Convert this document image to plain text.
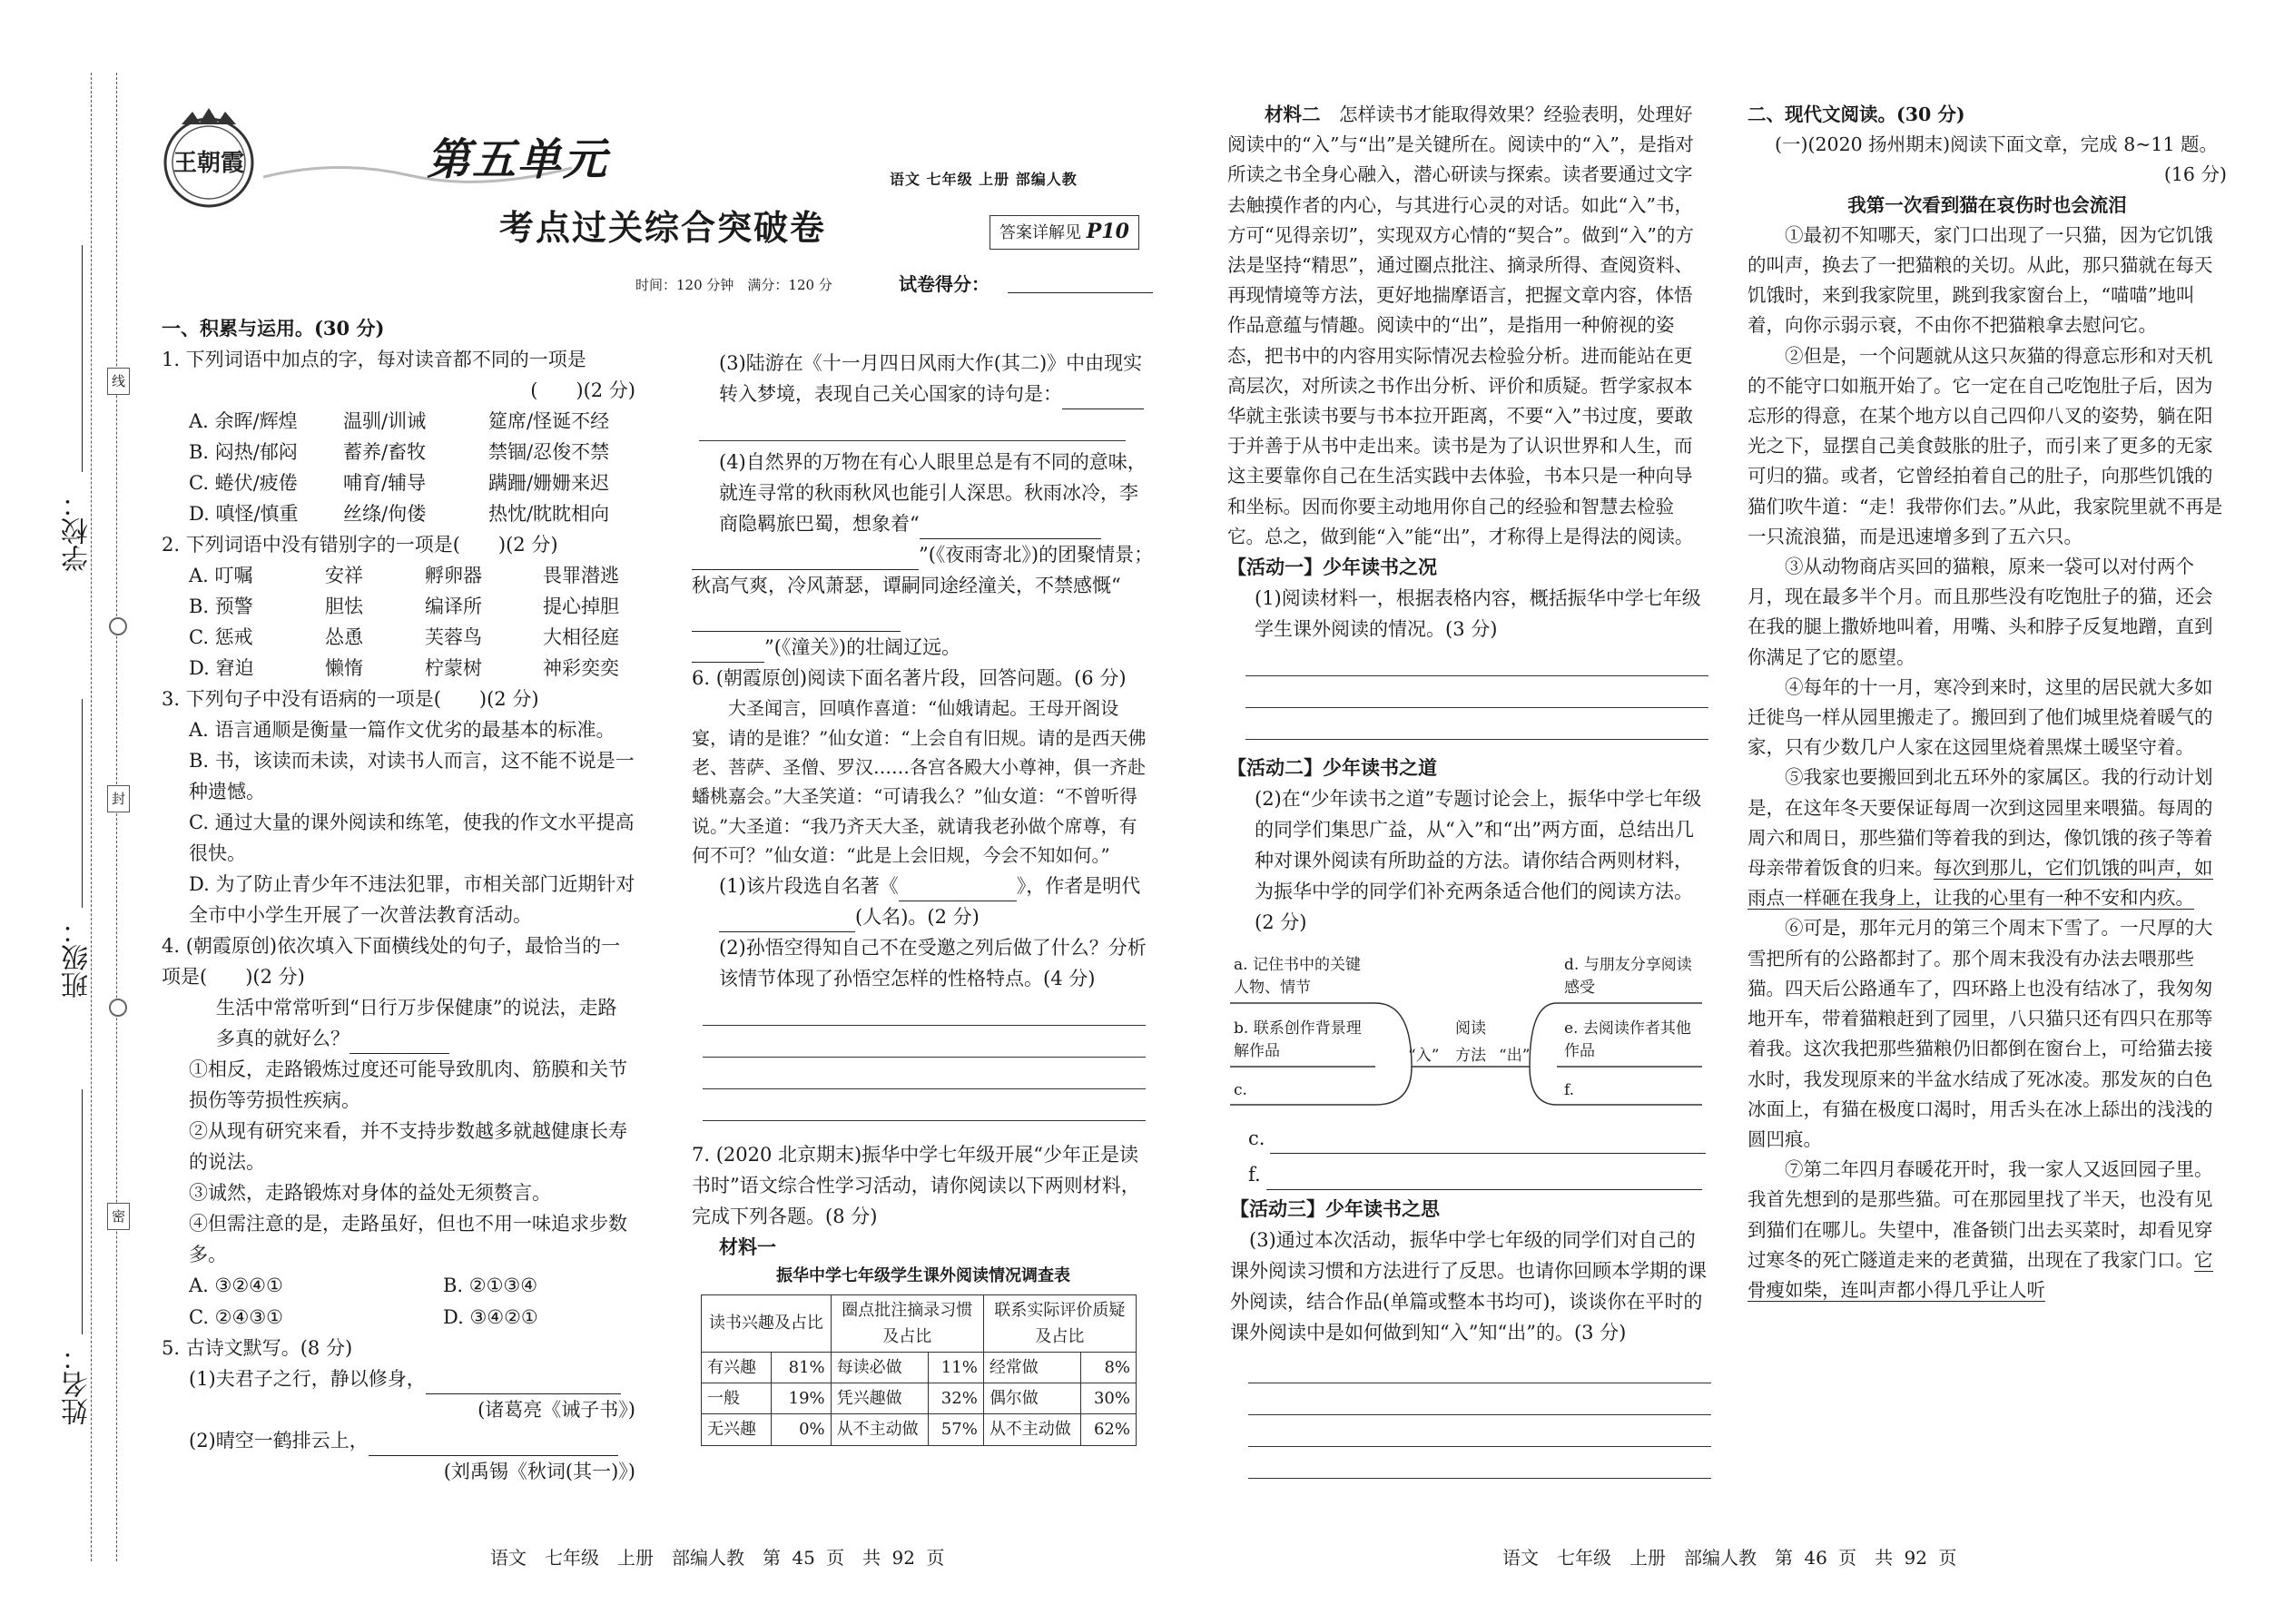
学校：
班级：
姓名：
线
封
密
王朝霞	第五单元
考点过关综合突破卷
语文 七年级 上册 部编人教
答案详解见 P10
时间：120 分钟　满分：120 分	试卷得分：

一、积累与运用。(30 分)

1. 下列词语中加点的字，每对读音都不同的一项是

(　　)(2 分)

A. 余晖/辉煌	温驯/训诫	筵席/怪诞不经
B. 闷热/郁闷	蓄养/畜牧	禁锢/忍俊不禁
C. 蜷伏/疲倦	哺育/辅导	蹒跚/姗姗来迟
D. 嗔怪/慎重	丝绦/佝偻	热忱/眈眈相向

2. 下列词语中没有错别字的一项是(　　)(2 分)

A. 叮嘱	安祥	孵卵器	畏罪潜逃
B. 预警	胆怯	编译所	提心掉胆
C. 惩戒	怂恿	芙蓉鸟	大相径庭
D. 窘迫	懒惰	柠蒙树	神彩奕奕

3. 下列句子中没有语病的一项是(　　)(2 分)

A. 语言通顺是衡量一篇作文优劣的最基本的标准。

B. 书，该读而未读，对读书人而言，这不能不说是一种遗憾。

C. 通过大量的课外阅读和练笔，使我的作文水平提高很快。

D. 为了防止青少年不违法犯罪，市相关部门近期针对全市中小学生开展了一次普法教育活动。

4. (朝霞原创)依次填入下面横线处的句子，最恰当的一项是(　　)(2 分)

生活中常常听到“日行万步保健康”的说法，走路多真的就好么？

①相反，走路锻炼过度还可能导致肌肉、筋膜和关节损伤等劳损性疾病。

②从现有研究来看，并不支持步数越多就越健康长寿的说法。

③诚然，走路锻炼对身体的益处无须赘言。

④但需注意的是，走路虽好，但也不用一味追求步数多。

A. ③②④①	B. ②①③④
C. ②④③①	D. ③④②①

5. 古诗文默写。(8 分)

(1)夫君子之行，静以修身，

(诸葛亮《诫子书》)

(2)晴空一鹤排云上，

(刘禹锡《秋词(其一)》)

(3)陆游在《十一月四日风雨大作(其二)》中由现实转入梦境，表现自己关心国家的诗句是：

(4)自然界的万物在有心人眼里总是有不同的意味，就连寻常的秋雨秋风也能引人深思。秋雨冰冷，李商隐羁旅巴蜀，想象着“

”(《夜雨寄北》)的团聚情景；秋高气爽，冷风萧瑟，谭嗣同途经潼关，不禁感慨“

”(《潼关》)的壮阔辽远。

6. (朝霞原创)阅读下面名著片段，回答问题。(6 分)

大圣闻言，回嗔作喜道：“仙娥请起。王母开阁设宴，请的是谁？”仙女道：“上会自有旧规。请的是西天佛老、菩萨、圣僧、罗汉……各宫各殿大小尊神，俱一齐赴蟠桃嘉会。”大圣笑道：“可请我么？”仙女道：“不曾听得说。”大圣道：“我乃齐天大圣，就请我老孙做个席尊，有何不可？”仙女道：“此是上会旧规，今会不知如何。”

(1)该片段选自名著《	》，作者是明代

(人名)。(2 分)

(2)孙悟空得知自己不在受邀之列后做了什么？分析该情节体现了孙悟空怎样的性格特点。(4 分)

7. (2020 北京期末)振华中学七年级开展“少年正是读书时”语文综合性学习活动，请你阅读以下两则材料，完成下列各题。(8 分)

材料一

振华中学七年级学生课外阅读情况调查表

读书兴趣及占比		圈点批注摘录习惯及占比		联系实际评价质疑及占比	
有兴趣	81%	每读必做	11%	经常做	8%
一般	19%	凭兴趣做	32%	偶尔做	30%
无兴趣	0%	从不主动做	57%	从不主动做	62%
语文　七年级　上册　部编人教　第 45 页　共 92 页

材料二　 怎样读书才能取得效果？经验表明，处理好阅读中的“入”与“出”是关键所在。阅读中的“入”，是指对所读之书全身心融入，潜心研读与探索。读者要通过文字去触摸作者的内心，与其进行心灵的对话。如此“入”书，方可“见得亲切”，实现双方心情的“契合”。做到“入”的方法是坚持“精思”，通过圈点批注、摘录所得、查阅资料、再现情境等方法，更好地揣摩语言，把握文章内容，体悟作品意蕴与情趣。阅读中的“出”，是指用一种俯视的姿态，把书中的内容用实际情况去检验分析。进而能站在更高层次，对所读之书作出分析、评价和质疑。哲学家叔本华就主张读书要与书本拉开距离，不要“入”书过度，要敢于并善于从书中走出来。读书是为了认识世界和人生，而这主要靠你自己在生活实践中去体验，书本只是一种向导和坐标。因而你要主动地用你自己的经验和智慧去检验它。总之，做到能“入”能“出”，才称得上是得法的阅读。

【活动一】少年读书之况

(1)阅读材料一，根据表格内容，概括振华中学七年级学生课外阅读的情况。(3 分)

【活动二】少年读书之道

(2)在“少年读书之道”专题讨论会上，振华中学七年级的同学们集思广益，从“入”和“出”两方面，总结出几种对课外阅读有所助益的方法。请你结合两则材料，为振华中学的同学们补充两条适合他们的阅读方法。(2 分)

a. 记住书中的关键人物、情节
b. 联系创作背景理解作品
c.
d. 与朋友分享阅读感受
e. 去阅读作者其他作品
f.
阅读
方法
“入”	“出”
c.
f.

【活动三】少年读书之思

(3)通过本次活动，振华中学七年级的同学们对自己的课外阅读习惯和方法进行了反思。也请你回顾本学期的课外阅读，结合作品(单篇或整本书均可)，谈谈你在平时的课外阅读中是如何做到知“入”知“出”的。(3 分)

语文　七年级　上册　部编人教　第 46 页　共 92 页

二、现代文阅读。(30 分)

(一)(2020 扬州期末)阅读下面文章，完成 8~11 题。

(16 分)

我第一次看到猫在哀伤时也会流泪

①最初不知哪天，家门口出现了一只猫，因为它饥饿的叫声，换去了一把猫粮的关切。从此，那只猫就在每天饥饿时，来到我家院里，跳到我家窗台上，“喵喵”地叫着，向你示弱示衰，不由你不把猫粮拿去慰问它。

②但是，一个问题就从这只灰猫的得意忘形和对天机的不能守口如瓶开始了。它一定在自己吃饱肚子后，因为忘形的得意，在某个地方以自己四仰八叉的姿势，躺在阳光之下，显摆自己美食鼓胀的肚子，而引来了更多的无家可归的猫。或者，它曾经拍着自己的肚子，向那些饥饿的猫们吹牛道：“走！我带你们去。”从此，我家院里就不再是一只流浪猫，而是迅速增多到了五六只。

③从动物商店买回的猫粮，原来一袋可以对付两个月，现在最多半个月。而且那些没有吃饱肚子的猫，还会在我的腿上撒娇地叫着，用嘴、头和脖子反复地蹭，直到你满足了它的愿望。

④每年的十一月，寒冷到来时，这里的居民就大多如迁徙鸟一样从园里搬走了。搬回到了他们城里烧着暖气的家，只有少数几户人家在这园里烧着黑煤土暖坚守着。

⑤我家也要搬回到北五环外的家属区。我的行动计划是，在这年冬天要保证每周一次到这园里来喂猫。每周的周六和周日，那些猫们等着我的到达，像饥饿的孩子等着母亲带着饭食的归来。每次到那儿，它们饥饿的叫声，如雨点一样砸在我身上，让我的心里有一种不安和内疚。

⑥可是，那年元月的第三个周末下雪了。一尺厚的大雪把所有的公路都封了。那个周末我没有办法去喂那些猫。四天后公路通车了，四环路上也没有结冰了，我匆匆地开车，带着猫粮赶到了园里，八只猫只还有四只在那等着我。这次我把那些猫粮仍旧都倒在窗台上，可给猫去接水时，我发现原来的半盆水结成了死冰凌。那发灰的白色冰面上，有猫在极度口渴时，用舌头在冰上舔出的浅浅的圆凹痕。

⑦第二年四月春暖花开时，我一家人又返回园子里。我首先想到的是那些猫。可在那园里找了半天，也没有见到猫们在哪儿。失望中，准备锁门出去买菜时，却看见穿过寒冬的死亡隧道走来的老黄猫，出现在了我家门口。它骨瘦如柴，连叫声都小得几乎让人听
